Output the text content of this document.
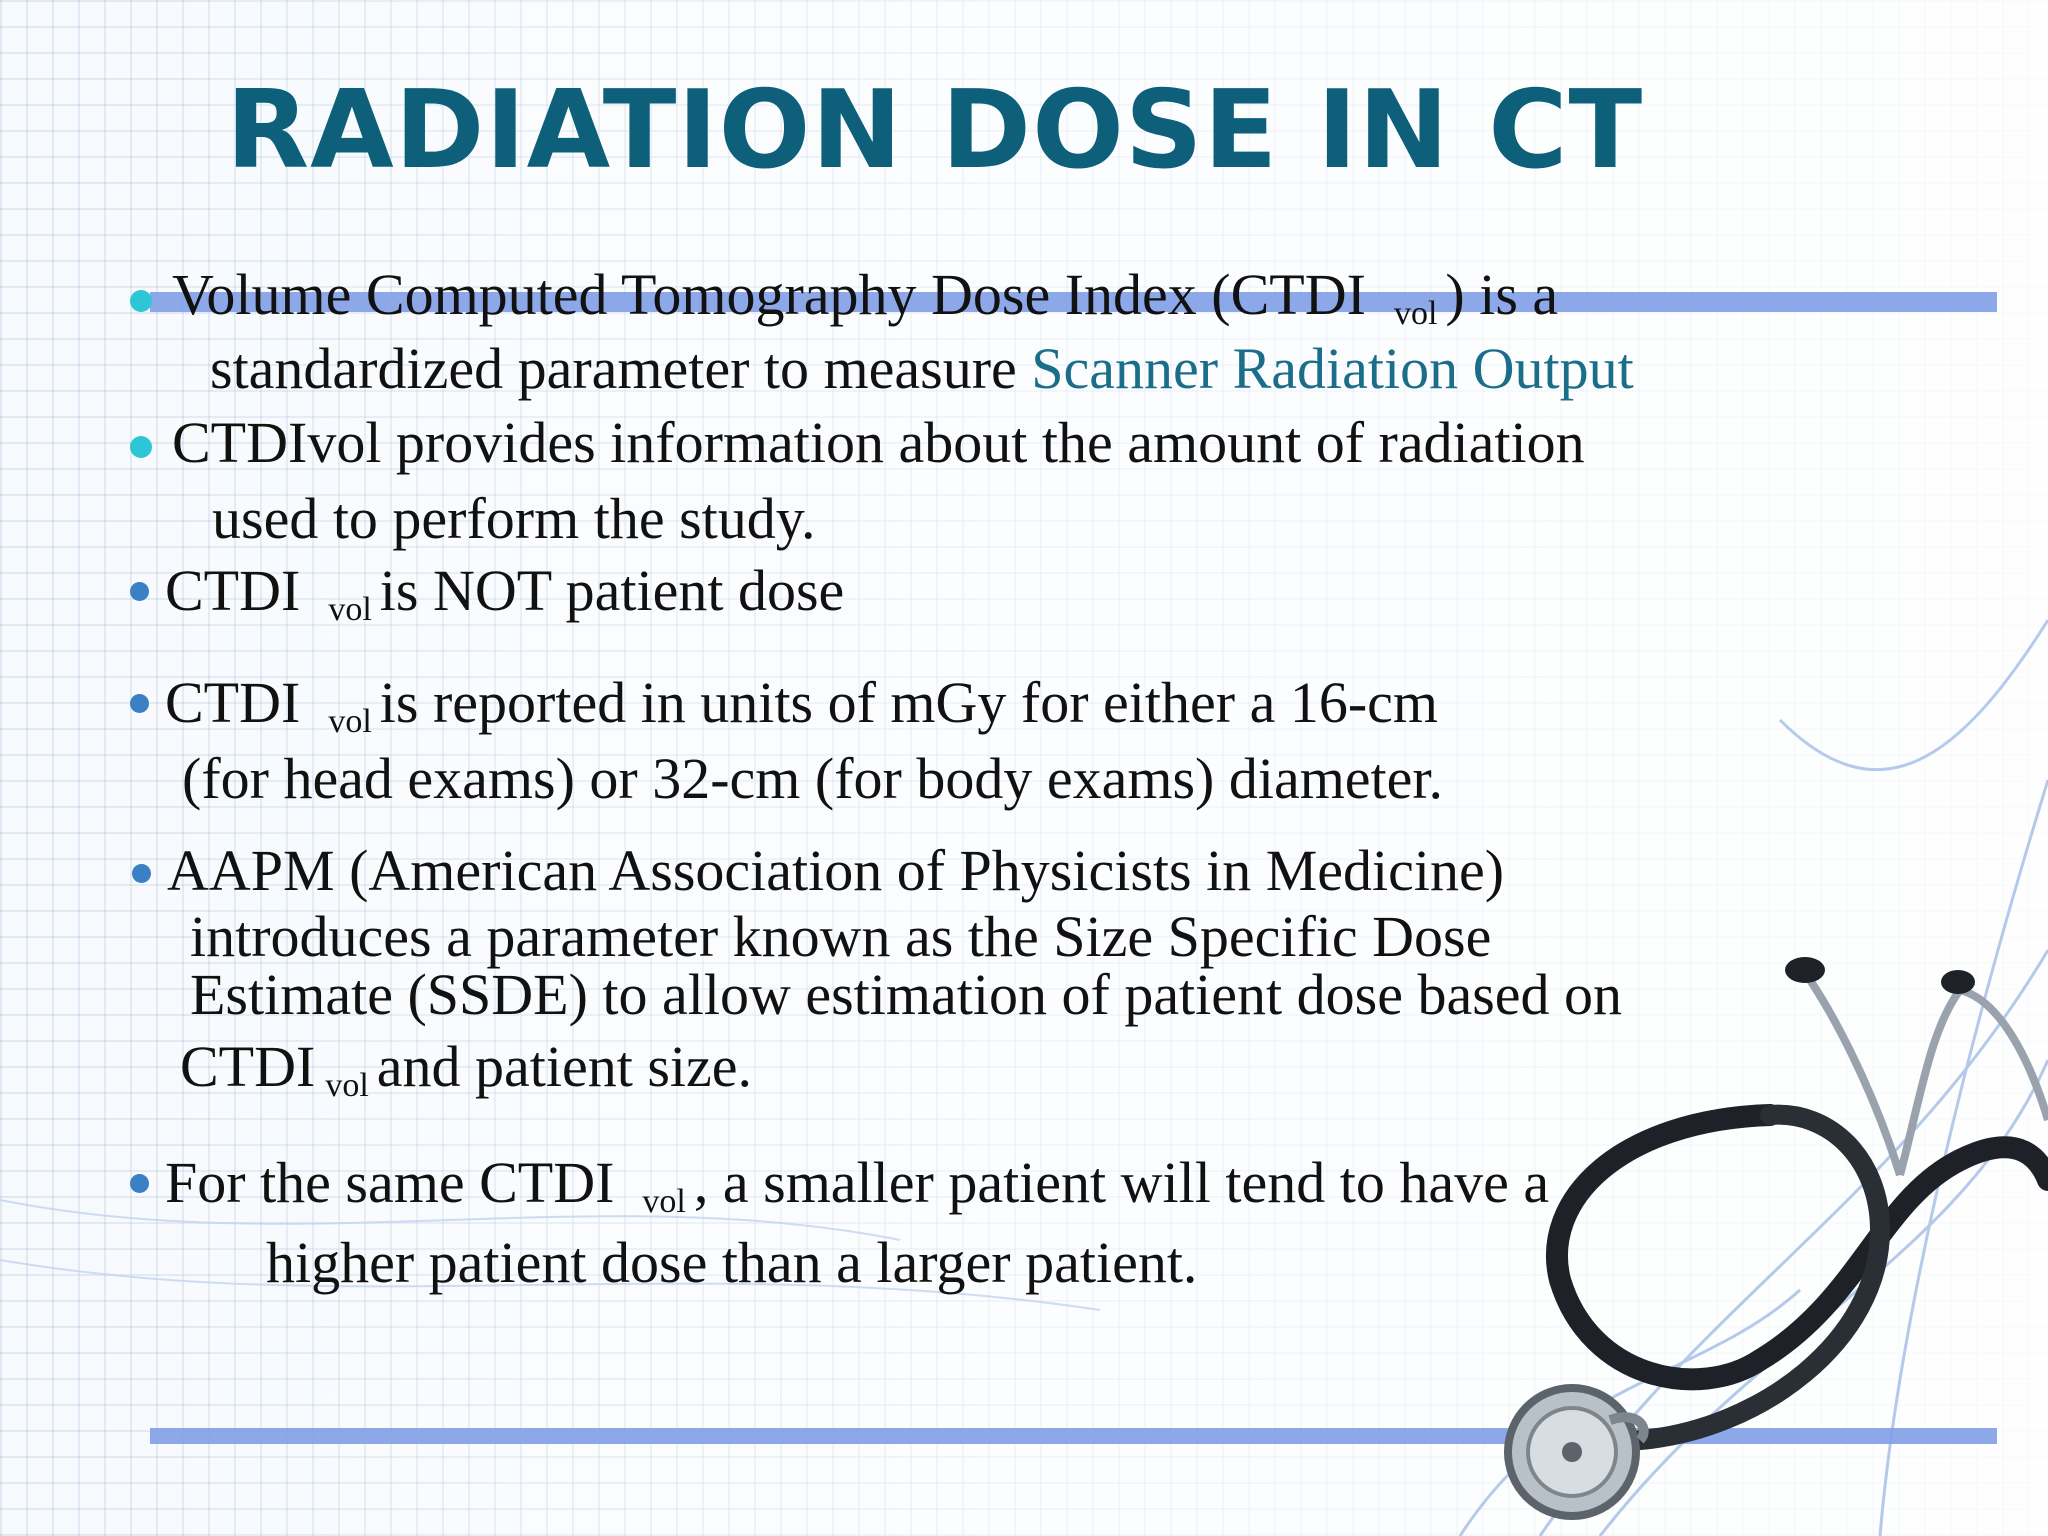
RADIATION DOSE IN CT
Volume Computed Tomography Dose Index (CTDI vol ) is a
standardized parameter to measure Scanner Radiation Output
CTDIvol provides information about the amount of radiation
used to perform the study.
CTDI vol is NOT patient dose
CTDI vol is reported in units of mGy for either a 16-cm
(for head exams) or 32-cm (for body exams) diameter.
AAPM (American Association of Physicists in Medicine)
introduces a parameter known as the Size Specific Dose
Estimate (SSDE) to allow estimation of patient dose based on
CTDI vol and patient size.
For the same CTDI vol , a smaller patient will tend to have a
higher patient dose than a larger patient.
